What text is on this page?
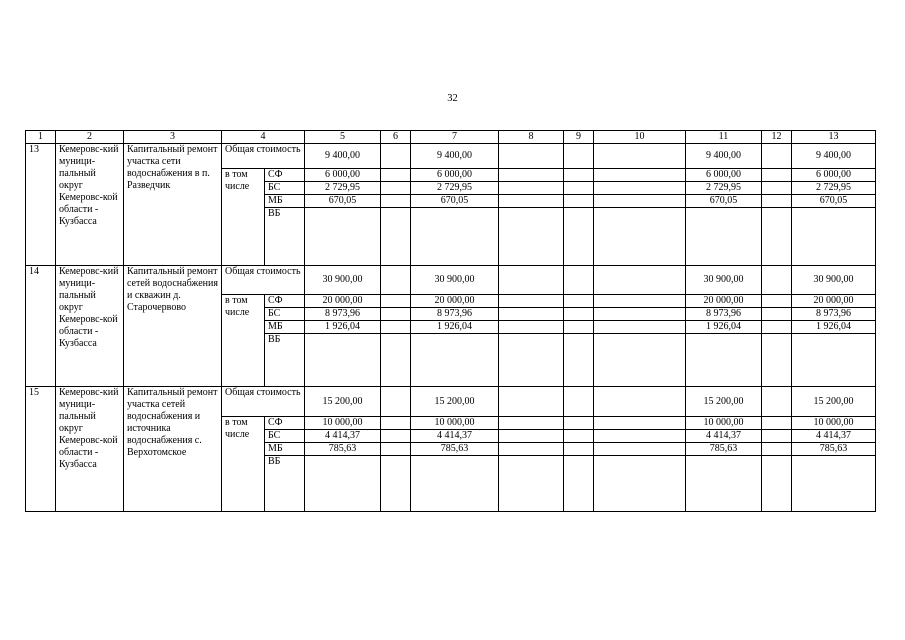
32
1	2	3	4		5	6	7	8	9	10	11	12	13
13	Кемеровс-кий муници-пальный округ Кемеровс-кой области - Кузбасса	Капитальный ремонт участка сети водоснабжения в п. Разведчик	Общая стоимость		9 400,00		9 400,00				9 400,00		9 400,00
			в том числе	СФ	6 000,00		6 000,00				6 000,00		6 000,00
				БС	2 729,95		2 729,95				2 729,95		2 729,95
				МБ	670,05		670,05				670,05		670,05
				ВБ									
14	Кемеровс-кий муници-пальный округ Кемеровс-кой области - Кузбасса	Капитальный ремонт сетей водоснабжения и скважин д. Старочервово	Общая стоимость		30 900,00		30 900,00				30 900,00		30 900,00
			в том числе	СФ	20 000,00		20 000,00				20 000,00		20 000,00
				БС	8 973,96		8 973,96				8 973,96		8 973,96
				МБ	1 926,04		1 926,04				1 926,04		1 926,04
				ВБ									
15	Кемеровс-кий муници-пальный округ Кемеровс-кой области - Кузбасса	Капитальный ремонт участка сетей водоснабжения и источника водоснабжения с. Верхотомское	Общая стоимость		15 200,00		15 200,00				15 200,00		15 200,00
			в том числе	СФ	10 000,00		10 000,00				10 000,00		10 000,00
				БС	4 414,37		4 414,37				4 414,37		4 414,37
				МБ	785,63		785,63				785,63		785,63
				ВБ									
